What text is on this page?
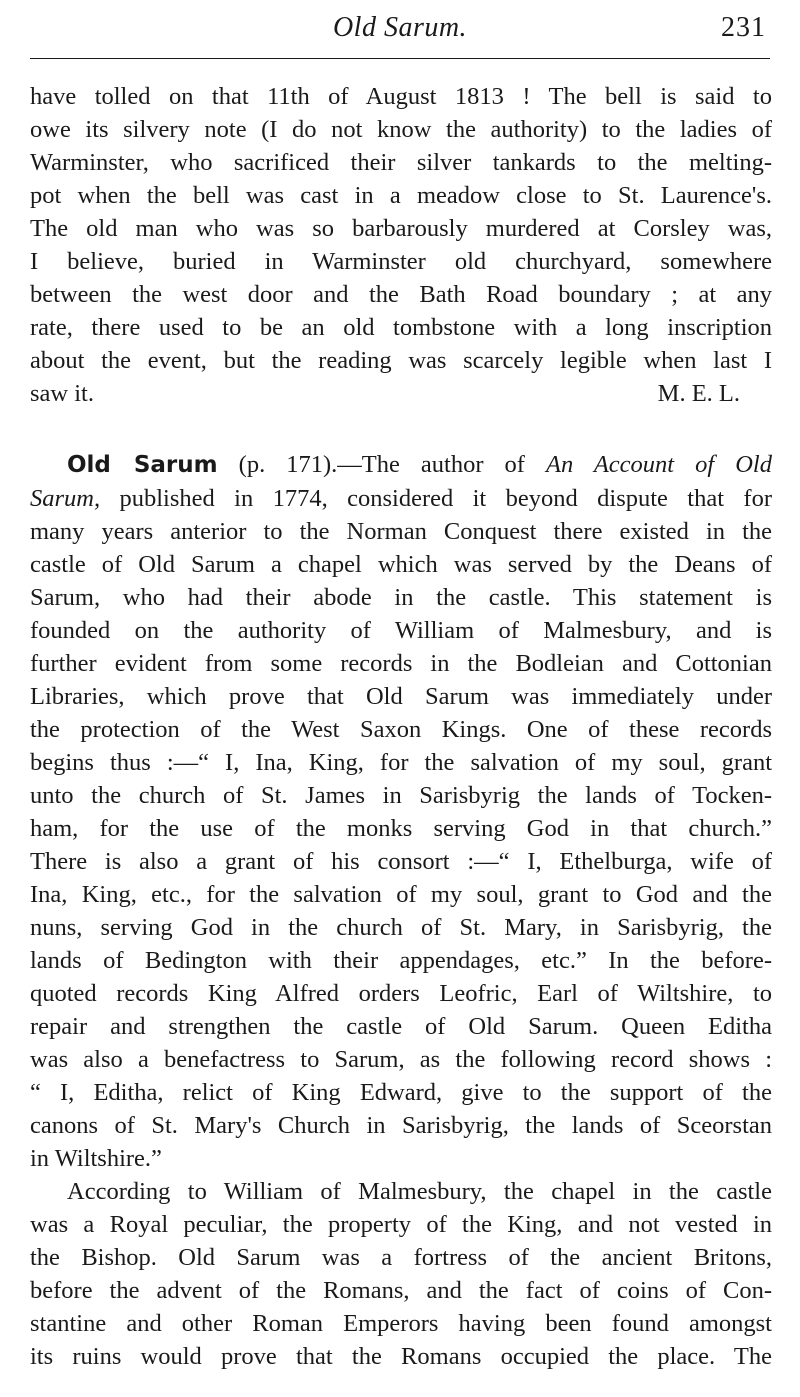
Old Sarum.	231
have tolled on that 11th of August 1813 ! The bell is said to
owe its silvery note (I do not know the authority) to the ladies of
Warminster, who sacrificed their silver tankards to the melting-
pot when the bell was cast in a meadow close to St. Laurence's.
The old man who was so barbarously murdered at Corsley was,
I believe, buried in Warminster old churchyard, somewhere
between the west door and the Bath Road boundary ; at any
rate, there used to be an old tombstone with a long inscription
about the event, but the reading was scarcely legible when last I
saw it.	M. E. L.
Old Sarum (p. 171).—The author of An Account of Old
Sarum, published in 1774, considered it beyond dispute that for
many years anterior to the Norman Conquest there existed in the
castle of Old Sarum a chapel which was served by the Deans of
Sarum, who had their abode in the castle. This statement is
founded on the authority of William of Malmesbury, and is
further evident from some records in the Bodleian and Cottonian
Libraries, which prove that Old Sarum was immediately under
the protection of the West Saxon Kings. One of these records
begins thus :—“ I, Ina, King, for the salvation of my soul, grant
unto the church of St. James in Sarisbyrig the lands of Tocken-
ham, for the use of the monks serving God in that church.”
There is also a grant of his consort :—“ I, Ethelburga, wife of
Ina, King, etc., for the salvation of my soul, grant to God and the
nuns, serving God in the church of St. Mary, in Sarisbyrig, the
lands of Bedington with their appendages, etc.” In the before-
quoted records King Alfred orders Leofric, Earl of Wiltshire, to
repair and strengthen the castle of Old Sarum. Queen Editha
was also a benefactress to Sarum, as the following record shows :
“ I, Editha, relict of King Edward, give to the support of the
canons of St. Mary's Church in Sarisbyrig, the lands of Sceorstan
in Wiltshire.”
According to William of Malmesbury, the chapel in the castle
was a Royal peculiar, the property of the King, and not vested in
the Bishop. Old Sarum was a fortress of the ancient Britons,
before the advent of the Romans, and the fact of coins of Con-
stantine and other Roman Emperors having been found amongst
its ruins would prove that the Romans occupied the place. The
